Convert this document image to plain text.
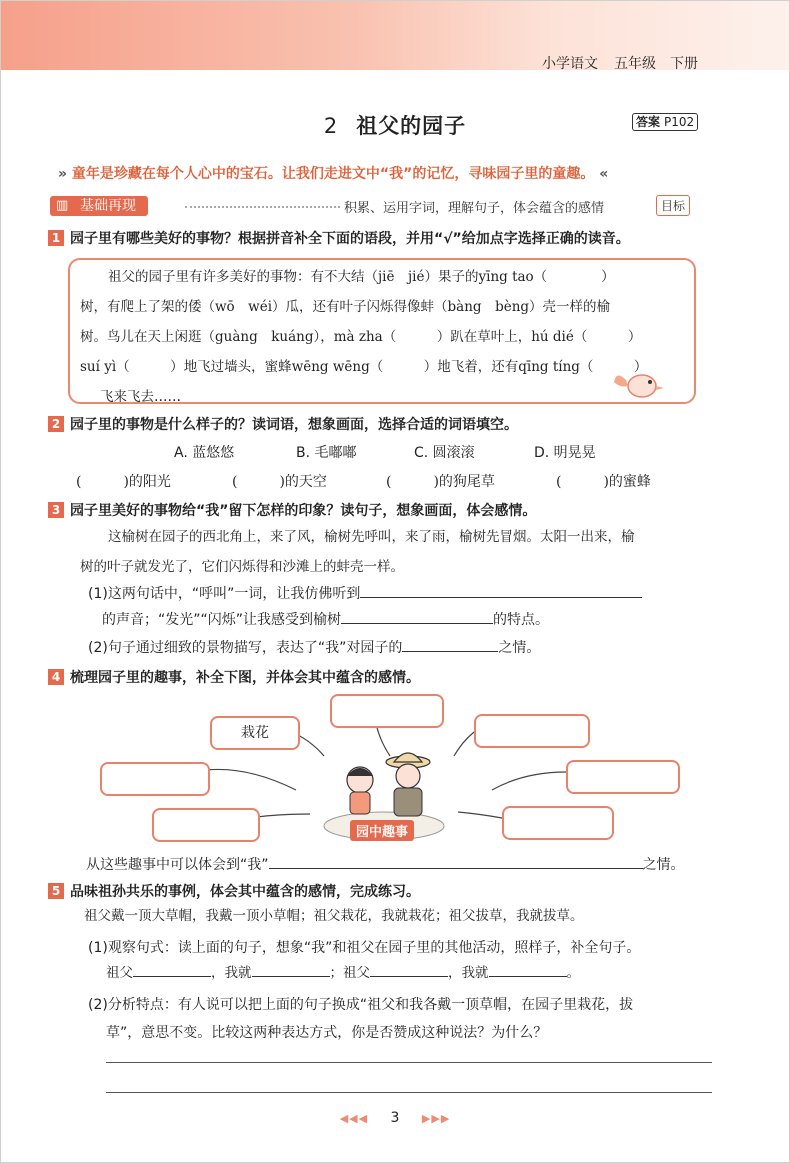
小学语文 五年级 下册
2 祖父的园子	答案 P102
» 童年是珍藏在每个人心中的宝石。让我们走进文中“我”的记忆，寻味园子里的童趣。 «
▥ 基础再现	积累、运用字词，理解句子，体会蕴含的感情	目标
1 园子里有哪些美好的事物？根据拼音补全下面的语段，并用“√”给加点字选择正确的读音。
祖父的园子里有许多美好的事物：有不大结（jiē　jié）果子的yīng tao（　　　　）
树，有爬上了架的倭（wō　wéi）瓜，还有叶子闪烁得像蚌（bàng　bèng）壳一样的榆
树。鸟儿在天上闲逛（guàng　kuáng），mà zha（　　　）趴在草叶上，hú dié（　　　）
suí yì（　　　）地飞过墙头，蜜蜂wēng wēng（　　　）地飞着，还有qīng tíng（　　　）
飞来飞去……
2 园子里的事物是什么样子的？读词语，想象画面，选择合适的词语填空。
A. 蓝悠悠	B. 毛嘟嘟	C. 圆滚滚	D. 明晃晃
(　　　)的阳光	(　　　)的天空	(　　　)的狗尾草	(　　　)的蜜蜂
3 园子里美好的事物给“我”留下怎样的印象？读句子，想象画面，体会感情。
这榆树在园子的西北角上，来了风，榆树先呼叫，来了雨，榆树先冒烟。太阳一出来，榆
树的叶子就发光了，它们闪烁得和沙滩上的蚌壳一样。
(1)这两句话中，“呼叫”一词，让我仿佛听到
的声音；“发光”“闪烁”让我感受到榆树	的特点。
(2)句子通过细致的景物描写，表达了“我”对园子的	之情。
4 梳理园子里的趣事，补全下图，并体会其中蕴含的感情。
栽花
园中趣事
从这些趣事中可以体会到“我”	之情。
5 品味祖孙共乐的事例，体会其中蕴含的感情，完成练习。
祖父戴一顶大草帽，我戴一顶小草帽；祖父栽花，我就栽花；祖父拔草，我就拔草。
(1)观察句式：读上面的句子，想象“我”和祖父在园子里的其他活动，照样子，补全句子。
祖父	，我就	；祖父	，我就	。
(2)分析特点：有人说可以把上面的句子换成“祖父和我各戴一顶草帽，在园子里栽花，拔
草”，意思不变。比较这两种表达方式，你是否赞成这种说法？为什么？
◀◀◀ 3 ▶▶▶
